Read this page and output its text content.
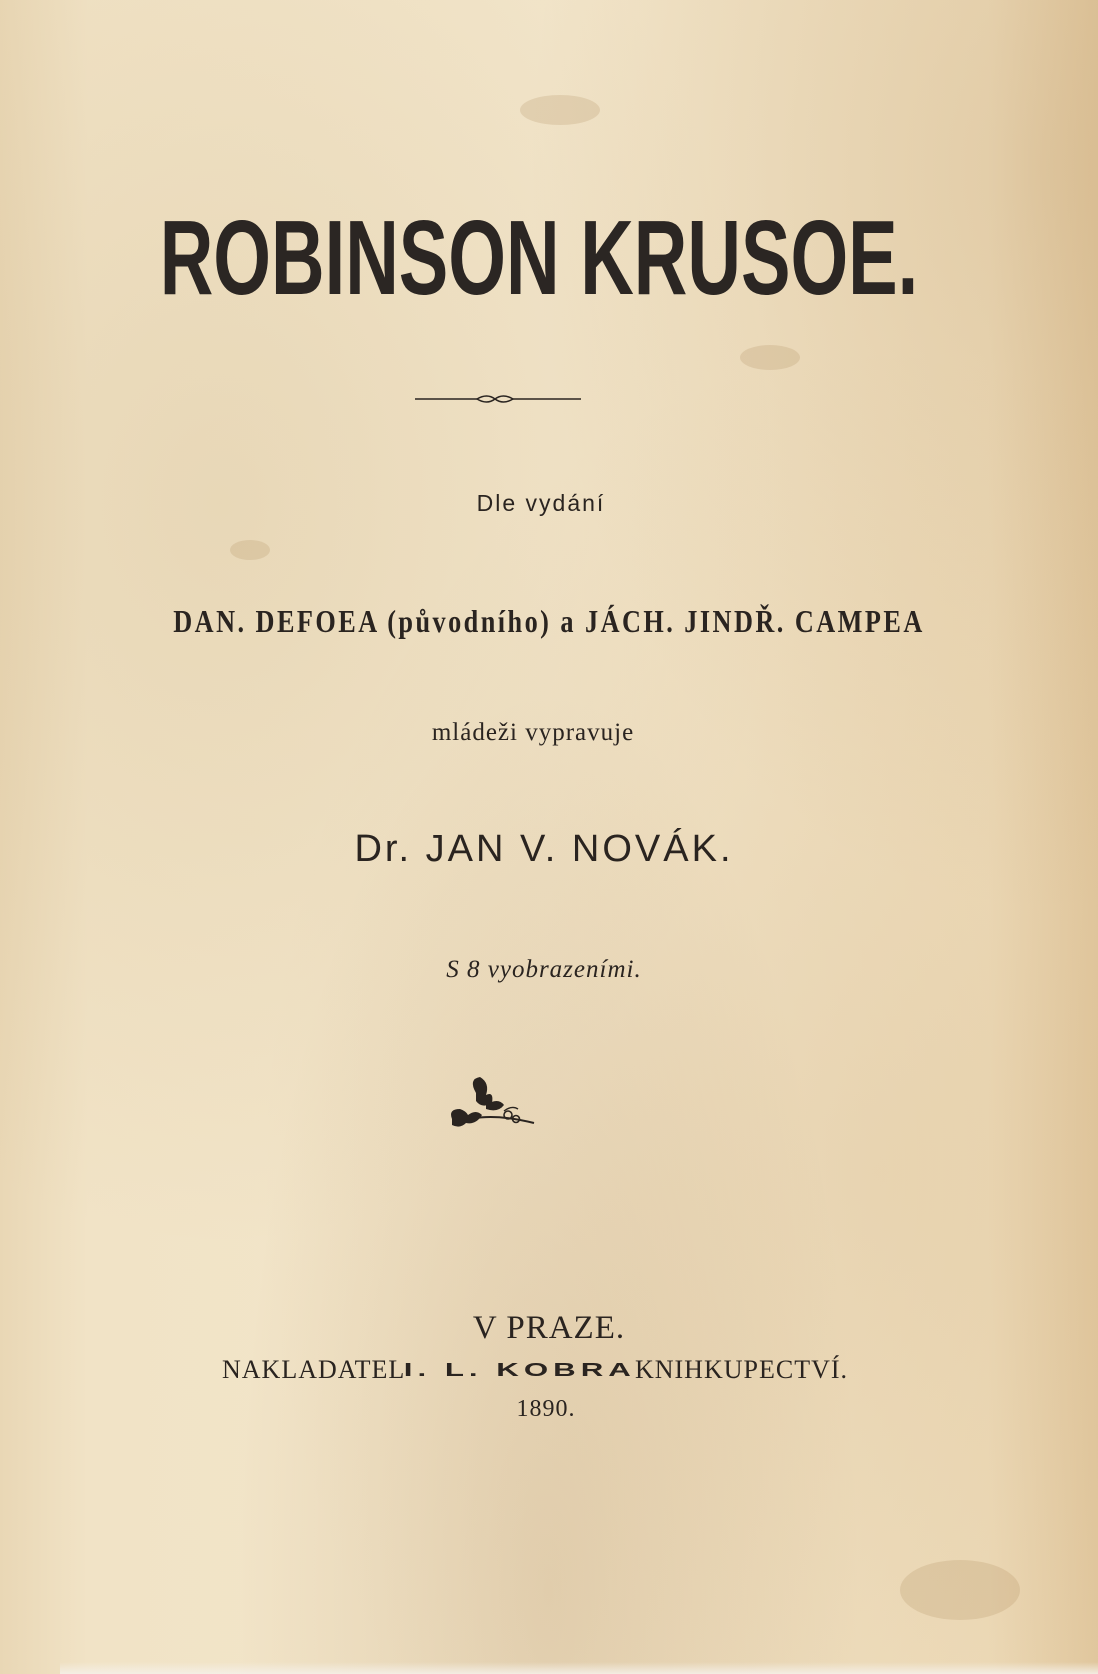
ROBINSON KRUSOE.
Dle vydání
DAN. DEFOEA (původního) a JÁCH. JINDŘ. CAMPEA
mládeži vypravuje
Dr. JAN V. NOVÁK.
S 8 vyobrazeními.
V PRAZE.
NAKLADATELI. L. KOBRAKNIHKUPECTVÍ.
1890.
